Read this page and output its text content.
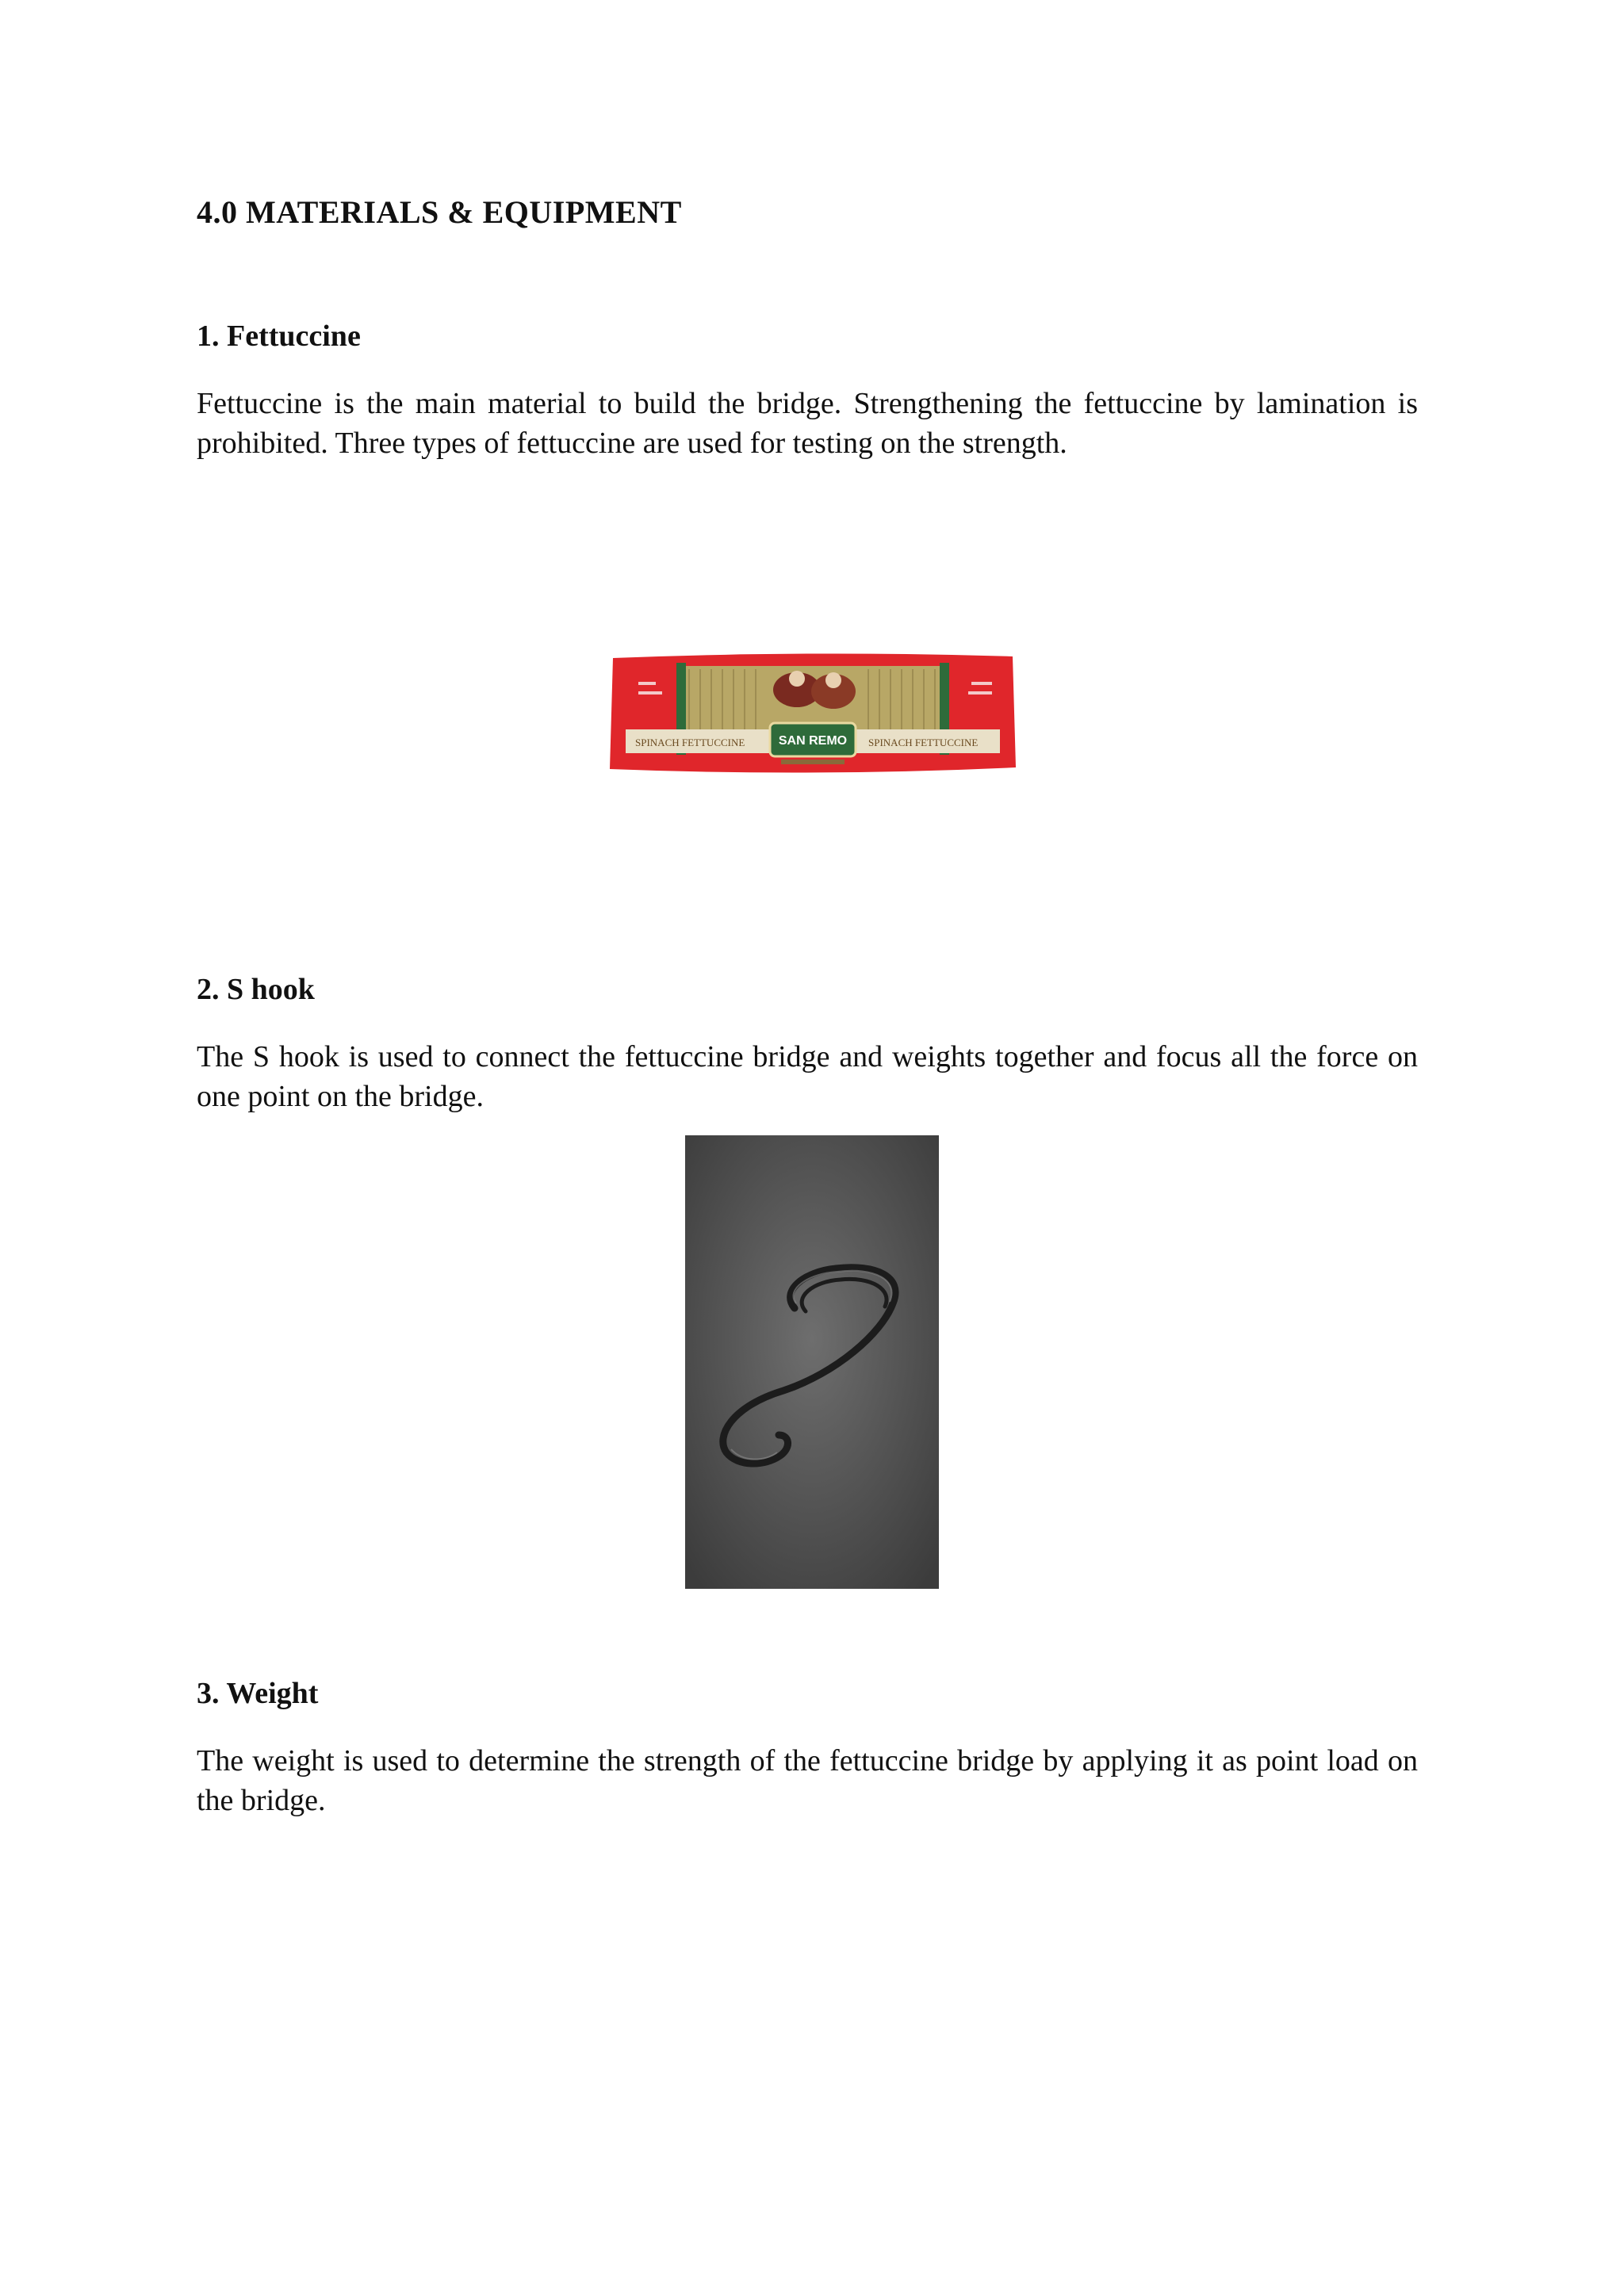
4.0 MATERIALS & EQUIPMENT
1. Fettuccine
Fettuccine is the main material to build the bridge. Strengthening the fettuccine by lamination is prohibited. Three types of fettuccine are used for testing on the strength.
SAN REMO
SPINACH FETTUCCINE	SPINACH FETTUCCINE
2. S hook
The S hook is used to connect the fettuccine bridge and weights together and focus all the force on one point on the bridge.
3. Weight
The weight is used to determine the strength of the fettuccine bridge by applying it as point load on the bridge.
